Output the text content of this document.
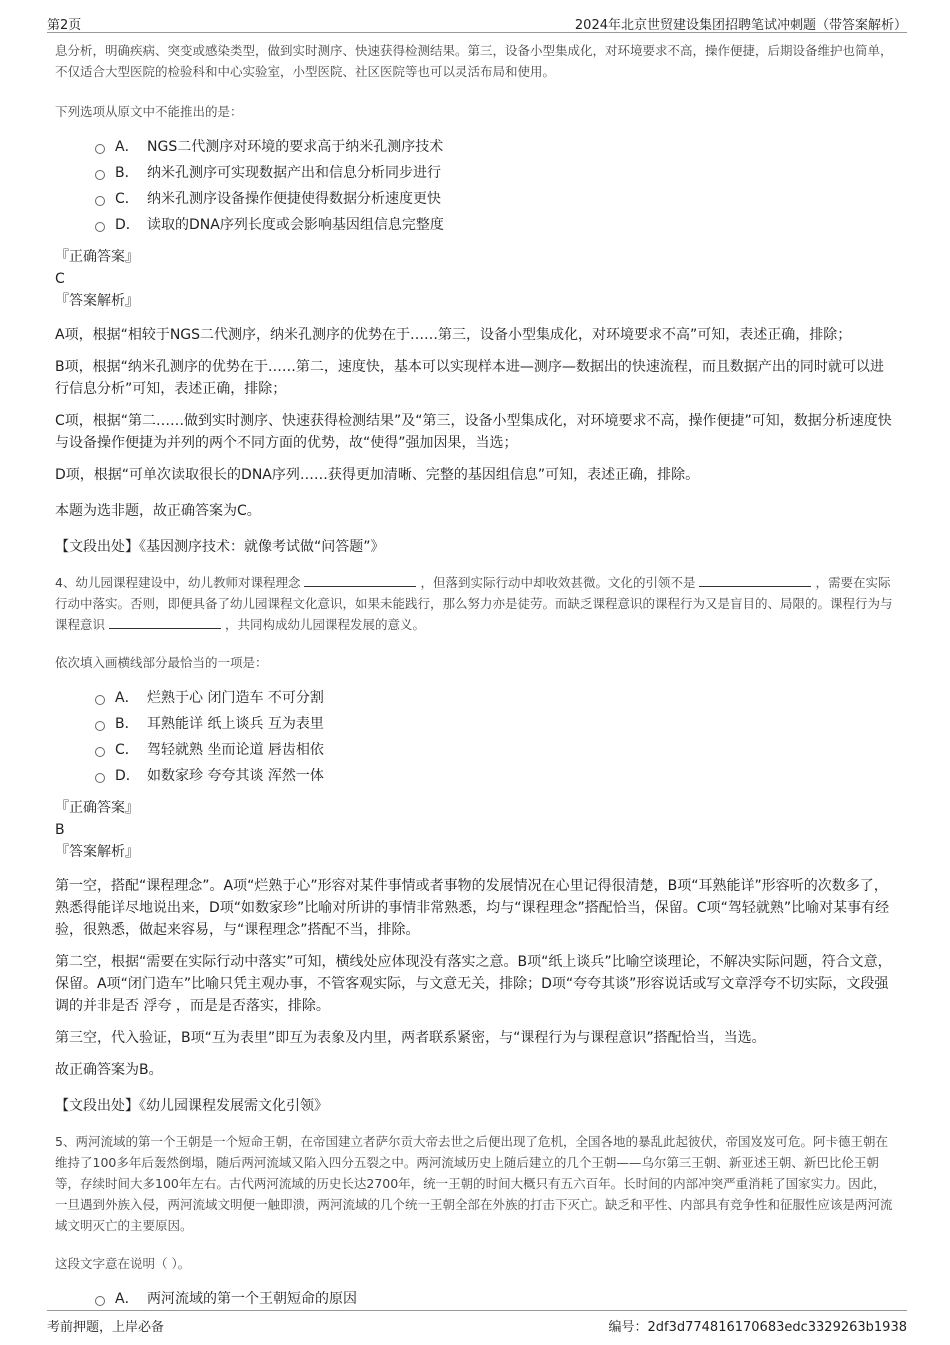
第2页	2024年北京世贸建设集团招聘笔试冲刺题（带答案解析）

息分析，明确疾病、突变或感染类型，做到实时测序、快速获得检测结果。第三，设备小型集成化，对环境要求不高，操作便捷，后期设备维护也简单，不仅适合大型医院的检验科和中心实验室，小型医院、社区医院等也可以灵活布局和使用。

下列选项从原文中不能推出的是：

A． NGS二代测序对环境的要求高于纳米孔测序技术
B． 纳米孔测序可实现数据产出和信息分析同步进行
C． 纳米孔测序设备操作便捷使得数据分析速度更快
D． 读取的DNA序列长度或会影响基因组信息完整度

『正确答案』

C

『答案解析』

A项，根据“相较于NGS二代测序，纳米孔测序的优势在于……第三，设备小型集成化，对环境要求不高”可知，表述正确，排除；

B项，根据“纳米孔测序的优势在于……第二，速度快，基本可以实现样本进—测序—数据出的快速流程，而且数据产出的同时就可以进行信息分析”可知，表述正确，排除；

C项，根据“第二……做到实时测序、快速获得检测结果”及“第三，设备小型集成化，对环境要求不高，操作便捷”可知，数据分析速度快与设备操作便捷为并列的两个不同方面的优势，故“使得”强加因果，当选；

D项，根据“可单次读取很长的DNA序列……获得更加清晰、完整的基因组信息”可知，表述正确，排除。

本题为选非题，故正确答案为C。

【文段出处】《基因测序技术：就像考试做“问答题”》

4、幼儿园课程建设中，幼儿教师对课程理念	，但落到实际行动中却收效甚微。文化的引领不是	，需要在实际行动中落实。否则，即便具备了幼儿园课程文化意识，如果未能践行，那么努力亦是徒劳。而缺乏课程意识的课程行为又是盲目的、局限的。课程行为与课程意识	，共同构成幼儿园课程发展的意义。

依次填入画横线部分最恰当的一项是：

A． 烂熟于心 闭门造车 不可分割
B． 耳熟能详 纸上谈兵 互为表里
C． 驾轻就熟 坐而论道 唇齿相依
D． 如数家珍 夸夸其谈 浑然一体

『正确答案』

B

『答案解析』

第一空，搭配“课程理念”。A项“烂熟于心”形容对某件事情或者事物的发展情况在心里记得很清楚，B项“耳熟能详”形容听的次数多了，熟悉得能详尽地说出来，D项“如数家珍”比喻对所讲的事情非常熟悉，均与“课程理念”搭配恰当，保留。C项“驾轻就熟”比喻对某事有经验，很熟悉，做起来容易，与“课程理念”搭配不当，排除。

第二空，根据“需要在实际行动中落实”可知，横线处应体现没有落实之意。B项“纸上谈兵”比喻空谈理论，不解决实际问题，符合文意，保留。A项“闭门造车”比喻只凭主观办事，不管客观实际，与文意无关，排除；D项“夸夸其谈”形容说话或写文章浮夸不切实际，文段强调的并非是否 浮夸 ，而是是否落实，排除。

第三空，代入验证，B项“互为表里”即互为表象及内里，两者联系紧密，与“课程行为与课程意识”搭配恰当，当选。

故正确答案为B。

【文段出处】《幼儿园课程发展需文化引领》

5、两河流域的第一个王朝是一个短命王朝，在帝国建立者萨尔贡大帝去世之后便出现了危机，全国各地的暴乱此起彼伏，帝国岌岌可危。阿卡德王朝在维持了100多年后轰然倒塌，随后两河流域又陷入四分五裂之中。两河流域历史上随后建立的几个王朝——乌尔第三王朝、新亚述王朝、新巴比伦王朝等，存续时间大多100年左右。古代两河流域的历史长达2700年，统一王朝的时间大概只有五六百年。长时间的内部冲突严重消耗了国家实力。因此，一旦遇到外族入侵，两河流域文明便一触即溃，两河流域的几个统一王朝全部在外族的打击下灭亡。缺乏和平性、内部具有竞争性和征服性应该是两河流域文明灭亡的主要原因。

这段文字意在说明（ ）。

A． 两河流域的第一个王朝短命的原因
考前押题，上岸必备	编号：2df3d774816170683edc3329263b1938
